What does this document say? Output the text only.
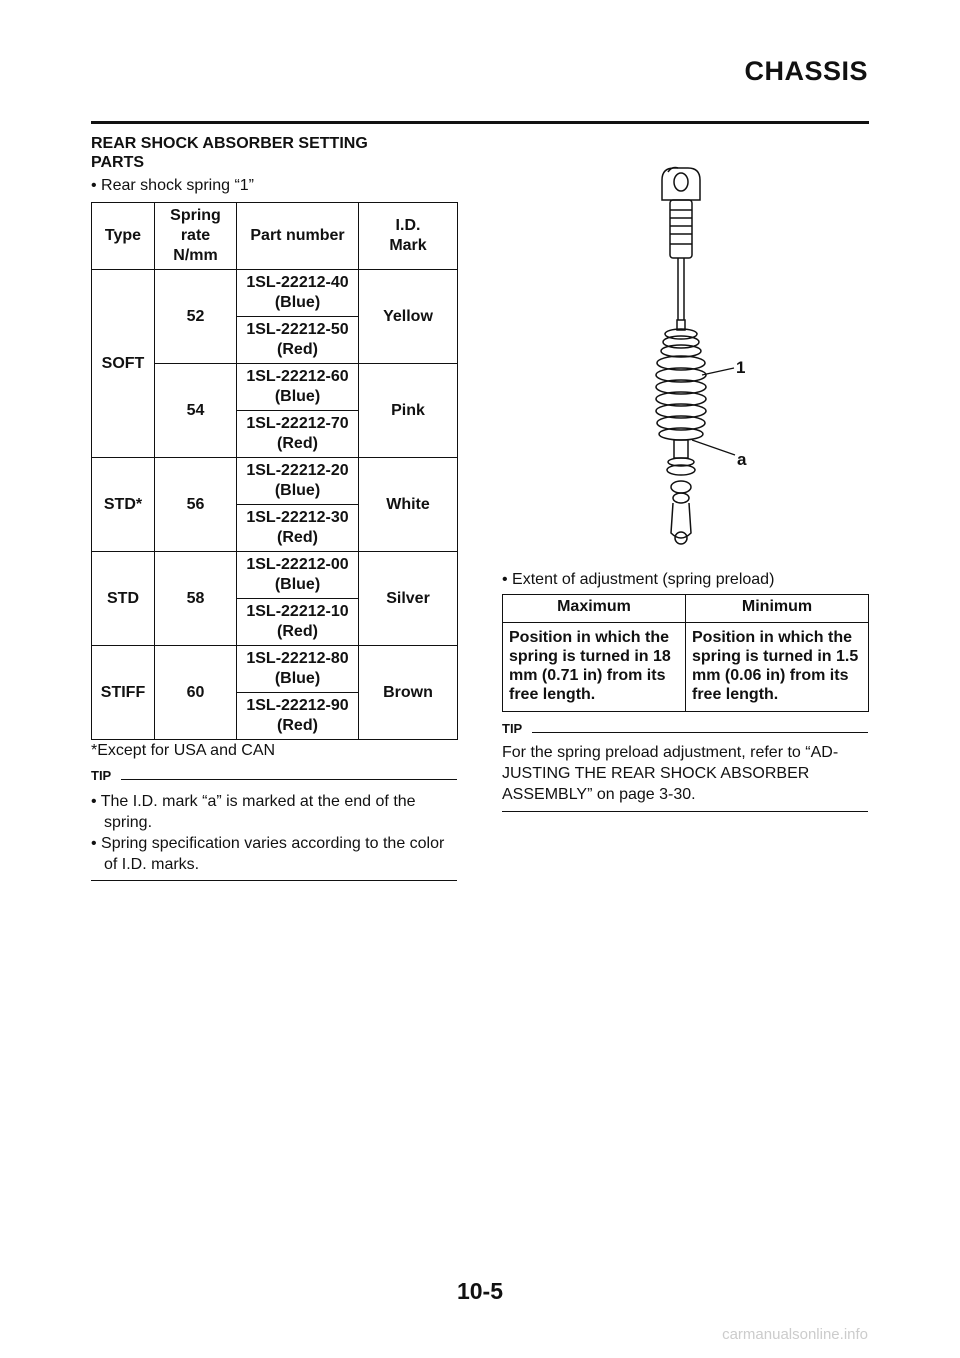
CHASSIS
REAR SHOCK ABSORBER SETTING
PARTS
• Rear shock spring “1”
Type	Spring rate N/mm	Part number	I.D. Mark
SOFT	52	1SL-22212-40 (Blue)	Yellow
		1SL-22212-50 (Red)	
	54	1SL-22212-60 (Blue)	Pink
		1SL-22212-70 (Red)	
STD*	56	1SL-22212-20 (Blue)	White
		1SL-22212-30 (Red)	
STD	58	1SL-22212-00 (Blue)	Silver
		1SL-22212-10 (Red)	
STIFF	60	1SL-22212-80 (Blue)	Brown
		1SL-22212-90 (Red)	
*Except for USA and CAN
TIP
• The I.D. mark “a” is marked at the end of the spring.
• Spring specification varies according to the color of I.D. marks.
1
a
• Extent of adjustment (spring preload)
Maximum	Minimum
Position in which the spring is turned in 18 mm (0.71 in) from its free length.	Position in which the spring is turned in 1.5 mm (0.06 in) from its free length.
TIP
For the spring preload adjustment, refer to “AD-JUSTING THE REAR SHOCK ABSORBER ASSEMBLY” on page 3-30.
10-5
carmanualsonline.info
